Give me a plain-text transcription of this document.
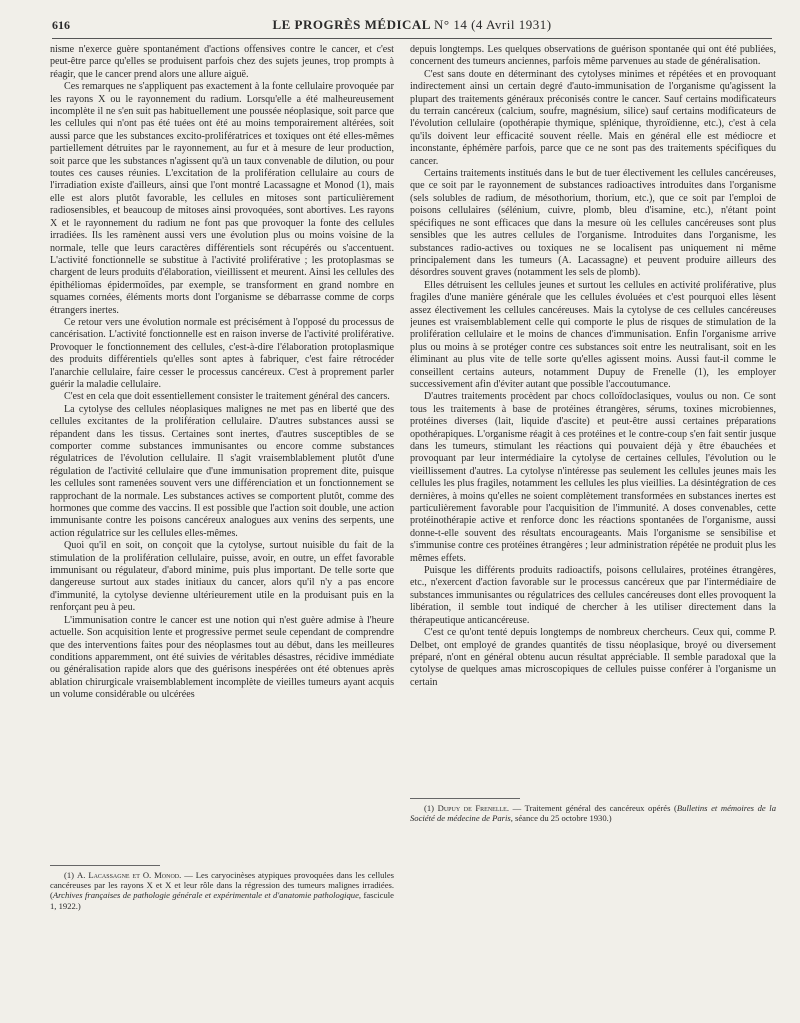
616	LE PROGRÈS MÉDICAL N° 14 (4 Avril 1931)

nisme n'exerce guère spontanément d'actions offensives contre le cancer, et c'est peut-être parce qu'elles se produisent parfois chez des sujets jeunes, trop prompts à réagir, que le cancer prend alors une allure aiguë.

Ces remarques ne s'appliquent pas exactement à la fonte cellulaire provoquée par les rayons X ou le rayonnement du radium. Lorsqu'elle a été malheureusement incomplète il ne s'en suit pas habituellement une poussée néoplasique, soit parce que les cellules qui n'ont pas été tuées ont été au moins temporairement altérées, soit aussi parce que les substances excito-prolifératrices et toxiques ont été elles-mêmes partiellement détruites par le rayonnement, au fur et à mesure de leur production, soit parce que les substances n'agissent qu'à un taux convenable de dilution, ou pour toutes ces causes réunies. L'excitation de la prolifération cellulaire au cours de l'irradiation existe d'ailleurs, ainsi que l'ont montré Lacassagne et Monod (1), mais elle est alors plutôt favorable, les cellules en mitoses sont particulièrement radiosensibles, et beaucoup de mitoses ainsi provoquées, sont abortives. Les rayons X et le rayonnement du radium ne font pas que provoquer la fonte des cellules irradiées. Ils les ramènent aussi vers une évolution plus ou moins voisine de la normale, telle que leurs caractères différentiels sont récupérés ou s'accentuent. L'activité fonctionnelle se substitue à l'activité proliférative ; les protoplasmas se chargent de leurs produits d'élaboration, vieillissent et meurent. Ainsi les cellules des épithéliomas épidermoïdes, par exemple, se transforment en grand nombre en squames cornées, éléments morts dont l'organisme se débarrasse comme de corps étrangers inertes.

Ce retour vers une évolution normale est précisément à l'opposé du processus de cancérisation. L'activité fonctionnelle est en raison inverse de l'activité proliférative. Provoquer le fonctionnement des cellules, c'est-à-dire l'élaboration protoplasmique des produits différentiels qu'elles sont aptes à fabriquer, c'est faire rétrocéder l'anarchie cellulaire, faire cesser le processus cancéreux. C'est à proprement parler guérir la maladie cellulaire.

C'est en cela que doit essentiellement consister le traitement général des cancers.

La cytolyse des cellules néoplasiques malignes ne met pas en liberté que des cellules excitantes de la prolifération cellulaire. D'autres substances aussi se répandent dans les tissus. Certaines sont inertes, d'autres susceptibles de se comporter comme substances immunisantes ou encore comme substances régulatrices de l'évolution cellulaire. Il s'agit vraisemblablement plutôt d'une régulation de l'activité cellulaire que d'une immunisation proprement dite, puisque les cellules sont ramenées souvent vers une différenciation et un fonctionnement se rapprochant de la normale. Les substances actives se comportent plutôt, comme des hormones que comme des vaccins. Il est possible que l'action soit double, une action immunisante contre les poisons cancéreux analogues aux venins des serpents, une action régulatrice sur les cellules elles-mêmes.

Quoi qu'il en soit, on conçoit que la cytolyse, surtout nuisible du fait de la stimulation de la prolifération cellulaire, puisse, avoir, en outre, un effet favorable immunisant ou régulateur, d'abord minime, puis plus important. De telle sorte que dangereuse surtout aux stades initiaux du cancer, alors qu'il n'y a pas encore d'immunité, la cytolyse devienne ultérieurement utile en la produisant puis en la renforçant peu à peu.

L'immunisation contre le cancer est une notion qui n'est guère admise à l'heure actuelle. Son acquisition lente et progressive permet seule cependant de comprendre que des interventions faites pour des néoplasmes tout au début, dans les meilleures conditions apparemment, ont été suivies de véritables désastres, récidive immédiate ou généralisation rapide alors que des guérisons inespérées ont été obtenues après ablation chirurgicale vraisemblablement incomplète de vieilles tumeurs ayant acquis un volume considérable ou ulcérées

(1) A. Lacassagne et O. Monod. — Les caryocinèses atypiques provoquées dans les cellules cancéreuses par les rayons X et X et leur rôle dans la régression des tumeurs malignes irradiées. (Archives françaises de pathologie générale et expérimentale et d'anatomie pathologique, fascicule 1, 1922.)

depuis longtemps. Les quelques observations de guérison spontanée qui ont été publiées, concernent des tumeurs anciennes, parfois même parvenues au stade de généralisation.

C'est sans doute en déterminant des cytolyses minimes et répétées et en provoquant indirectement ainsi un certain degré d'auto-immunisation de l'organisme qu'agissent la plupart des traitements généraux préconisés contre le cancer. Sauf certains modificateurs du terrain cancéreux (calcium, soufre, magnésium, silice) sauf certains modificateurs de l'évolution cellulaire (opothérapie thymique, splénique, thyroïdienne, etc.), c'est à cela qu'ils doivent leur efficacité souvent réelle. Mais en général elle est médiocre et inconstante, éphémère parfois, parce que ce ne sont pas des traitements spécifiques du cancer.

Certains traitements institués dans le but de tuer électivement les cellules cancéreuses, que ce soit par le rayonnement de substances radioactives introduites dans l'organisme (sels solubles de radium, de mésothorium, thorium, etc.), que ce soit par l'emploi de poisons cellulaires (sélénium, cuivre, plomb, bleu d'isamine, etc.), n'étant point spécifiques ne sont efficaces que dans la mesure où les cellules cancéreuses sont plus sensibles que les autres cellules de l'organisme. Introduites dans l'organisme, les substances radio-actives ou toxiques ne se localisent pas uniquement ni même principalement dans les tumeurs (A. Lacassagne) et peuvent produire ailleurs des désordres souvent graves (notamment les sels de plomb).

Elles détruisent les cellules jeunes et surtout les cellules en activité proliférative, plus fragiles d'une manière générale que les cellules évoluées et c'est pourquoi elles lèsent assez électivement les cellules cancéreuses. Mais la cytolyse de ces cellules cancéreuses jeunes est vraisemblablement celle qui comporte le plus de risques de stimulation de la prolifération cellulaire et le moins de chances d'immunisation. Enfin l'organisme arrive plus ou moins à se protéger contre ces substances soit entre les neutralisant, soit en les éliminant au plus vite de telle sorte qu'elles agissent moins. Aussi faut-il comme le conseillent certains auteurs, notamment Dupuy de Frenelle (1), les employer successivement afin d'éviter autant que possible l'accoutumance.

D'autres traitements procèdent par chocs colloïdoclasiques, voulus ou non. Ce sont tous les traitements à base de protéines étrangères, sérums, toxines microbiennes, protéines diverses (lait, liquide d'ascite) et peut-être aussi certaines préparations opothérapiques. L'organisme réagit à ces protéines et le contre-coup s'en fait sentir jusque dans les tumeurs, stimulant les réactions qui pouvaient déjà y être ébauchées et provoquant par leur intermédiaire la cytolyse de certaines cellules, l'évolution ou le vieillissement d'autres. La cytolyse n'intéresse pas seulement les cellules jeunes mais les cellules les plus fragiles, notamment les cellules les plus vieillies. La désintégration de ces dernières, à moins qu'elles ne soient complètement transformées en substances inertes est particulièrement favorable pour l'acquisition de l'immunité. A doses convenables, cette protéinothérapie active et renforce donc les réactions spontanées de l'organisme, aussi donne-t-elle souvent des résultats encourageants. Mais l'organisme se sensibilise et s'immunise contre ces protéines étrangères ; leur administration répétée ne produit plus les mêmes effets.

Puisque les différents produits radioactifs, poisons cellulaires, protéines étrangères, etc., n'exercent d'action favorable sur le processus cancéreux que par l'intermédiaire de substances immunisantes ou régulatrices des cellules cancéreuses dont elles provoquent la libération, il semble tout indiqué de chercher à les utiliser directement dans la thérapeutique anticancéreuse.

C'est ce qu'ont tenté depuis longtemps de nombreux chercheurs. Ceux qui, comme P. Delbet, ont employé de grandes quantités de tissu néoplasique, broyé ou diversement préparé, n'ont en général obtenu aucun résultat appréciable. Il semble paradoxal que la cytolyse de quelques amas microscopiques de cellules puisse conférer à l'organisme un certain

(1) Dupuy de Frenelle. — Traitement général des cancéreux opérés (Bulletins et mémoires de la Société de médecine de Paris, séance du 25 octobre 1930.)
